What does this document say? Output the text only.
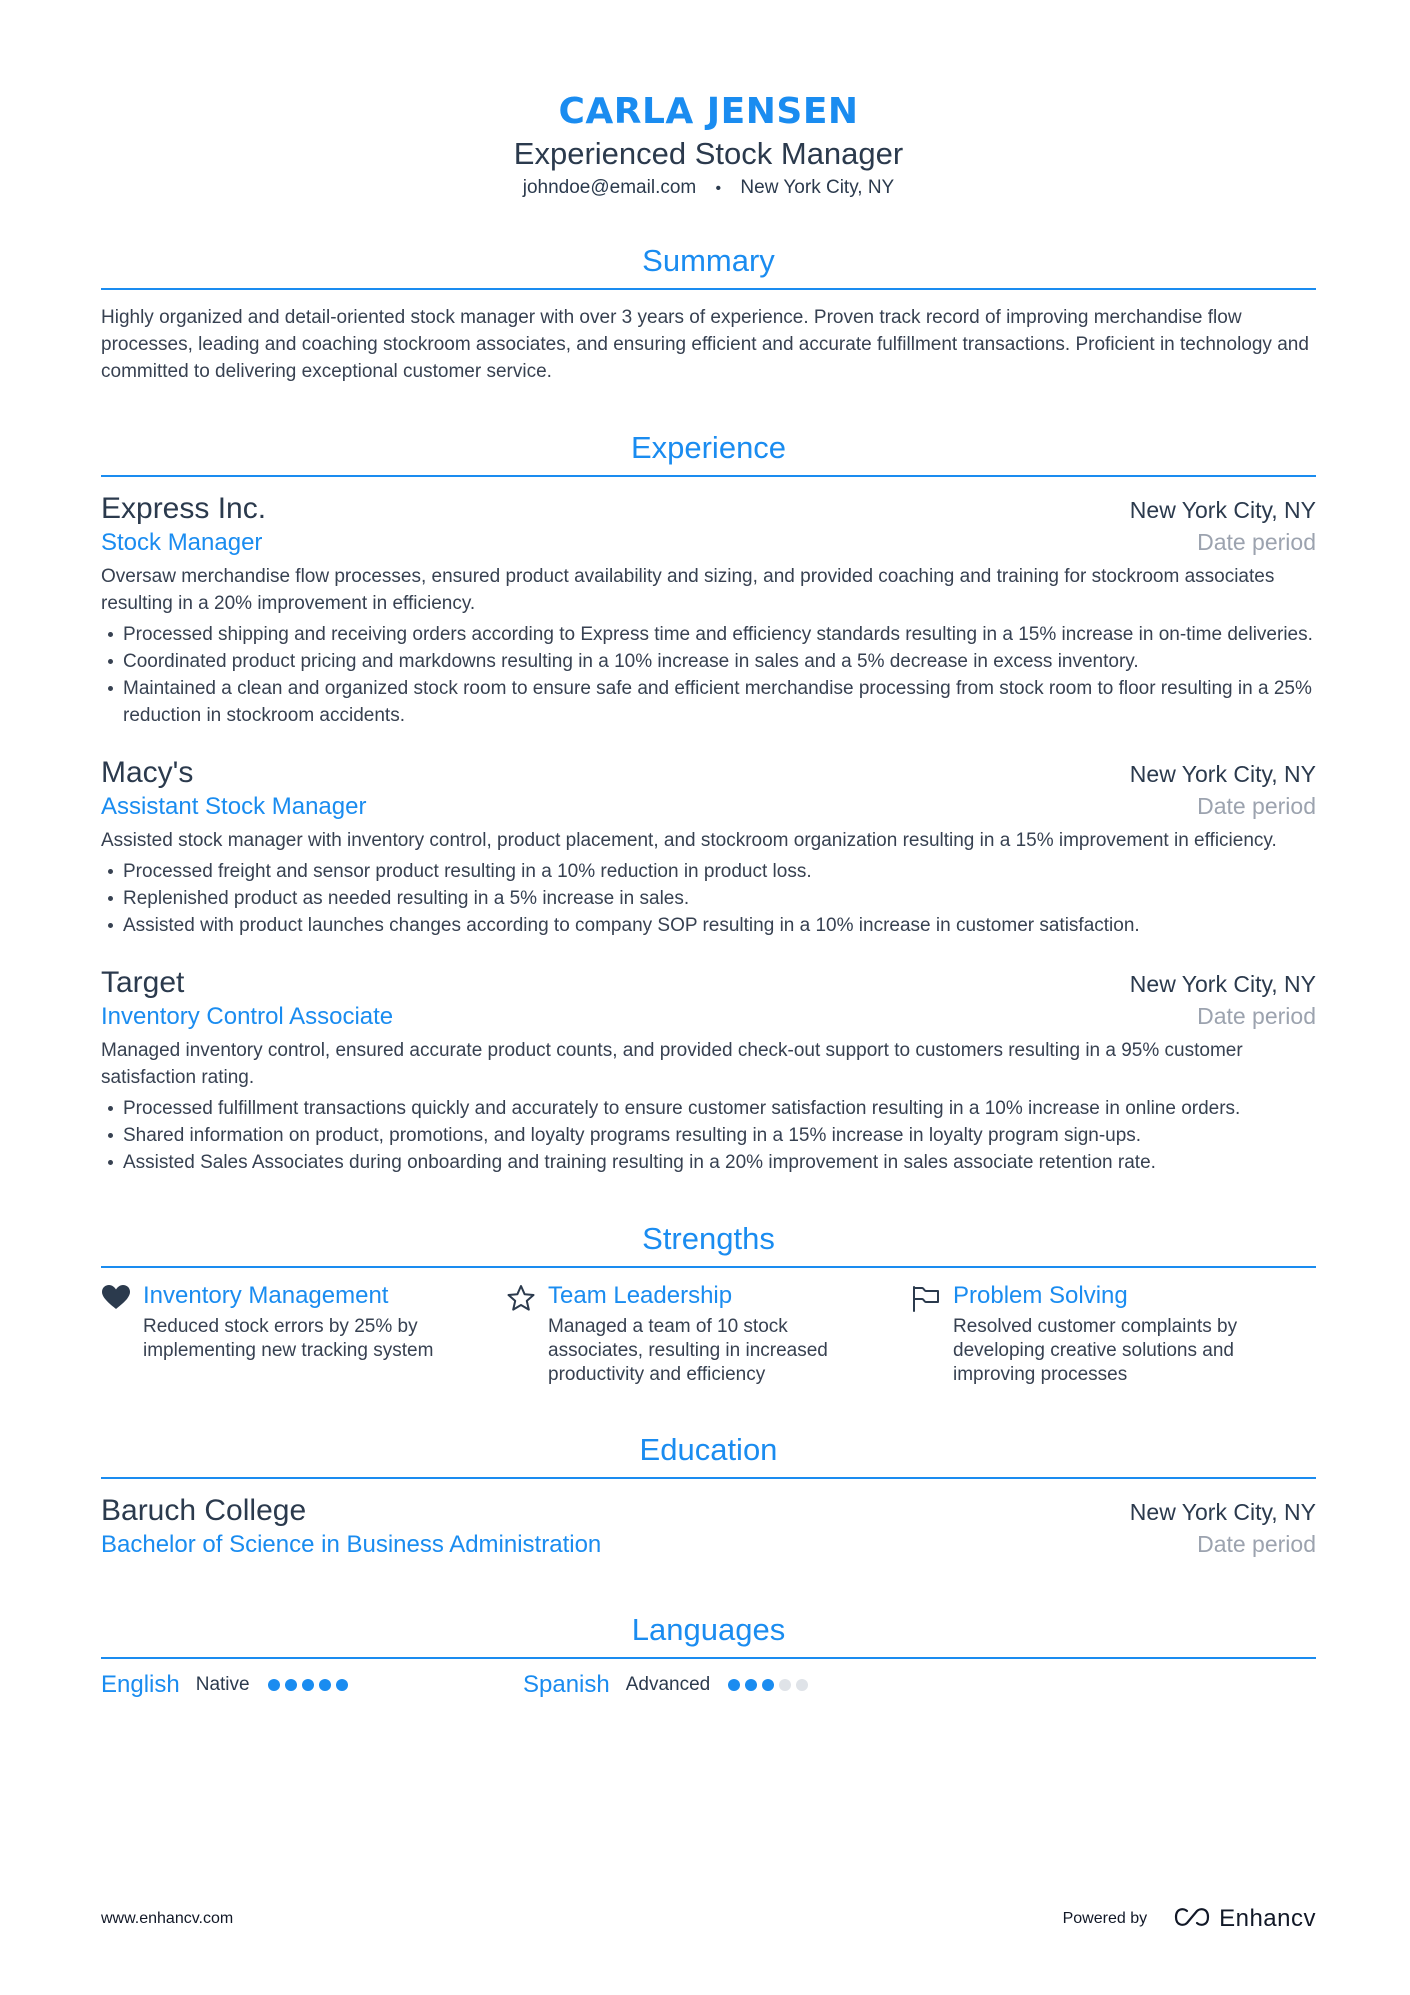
CARLA JENSEN
Experienced Stock Manager
johndoe@email.com • New York City, NY
Summary
Highly organized and detail-oriented stock manager with over 3 years of experience. Proven track record of improving merchandise flow processes, leading and coaching stockroom associates, and ensuring efficient and accurate fulfillment transactions. Proficient in technology and committed to delivering exceptional customer service.
Experience
Express Inc.	New York City, NY
Stock Manager	Date period
Oversaw merchandise flow processes, ensured product availability and sizing, and provided coaching and training for stockroom associates resulting in a 20% improvement in efficiency.
Processed shipping and receiving orders according to Express time and efficiency standards resulting in a 15% increase in on-time deliveries.
Coordinated product pricing and markdowns resulting in a 10% increase in sales and a 5% decrease in excess inventory.
Maintained a clean and organized stock room to ensure safe and efficient merchandise processing from stock room to floor resulting in a 25% reduction in stockroom accidents.
Macy's	New York City, NY
Assistant Stock Manager	Date period
Assisted stock manager with inventory control, product placement, and stockroom organization resulting in a 15% improvement in efficiency.
Processed freight and sensor product resulting in a 10% reduction in product loss.
Replenished product as needed resulting in a 5% increase in sales.
Assisted with product launches changes according to company SOP resulting in a 10% increase in customer satisfaction.
Target	New York City, NY
Inventory Control Associate	Date period
Managed inventory control, ensured accurate product counts, and provided check-out support to customers resulting in a 95% customer satisfaction rating.
Processed fulfillment transactions quickly and accurately to ensure customer satisfaction resulting in a 10% increase in online orders.
Shared information on product, promotions, and loyalty programs resulting in a 15% increase in loyalty program sign-ups.
Assisted Sales Associates during onboarding and training resulting in a 20% improvement in sales associate retention rate.
Strengths
Inventory Management
Reduced stock errors by 25% by implementing new tracking system
Team Leadership
Managed a team of 10 stock associates, resulting in increased productivity and efficiency
Problem Solving
Resolved customer complaints by developing creative solutions and improving processes
Education
Baruch College	New York City, NY
Bachelor of Science in Business Administration	Date period
Languages
English Native	Spanish Advanced
www.enhancv.com	Powered by	Enhancv
